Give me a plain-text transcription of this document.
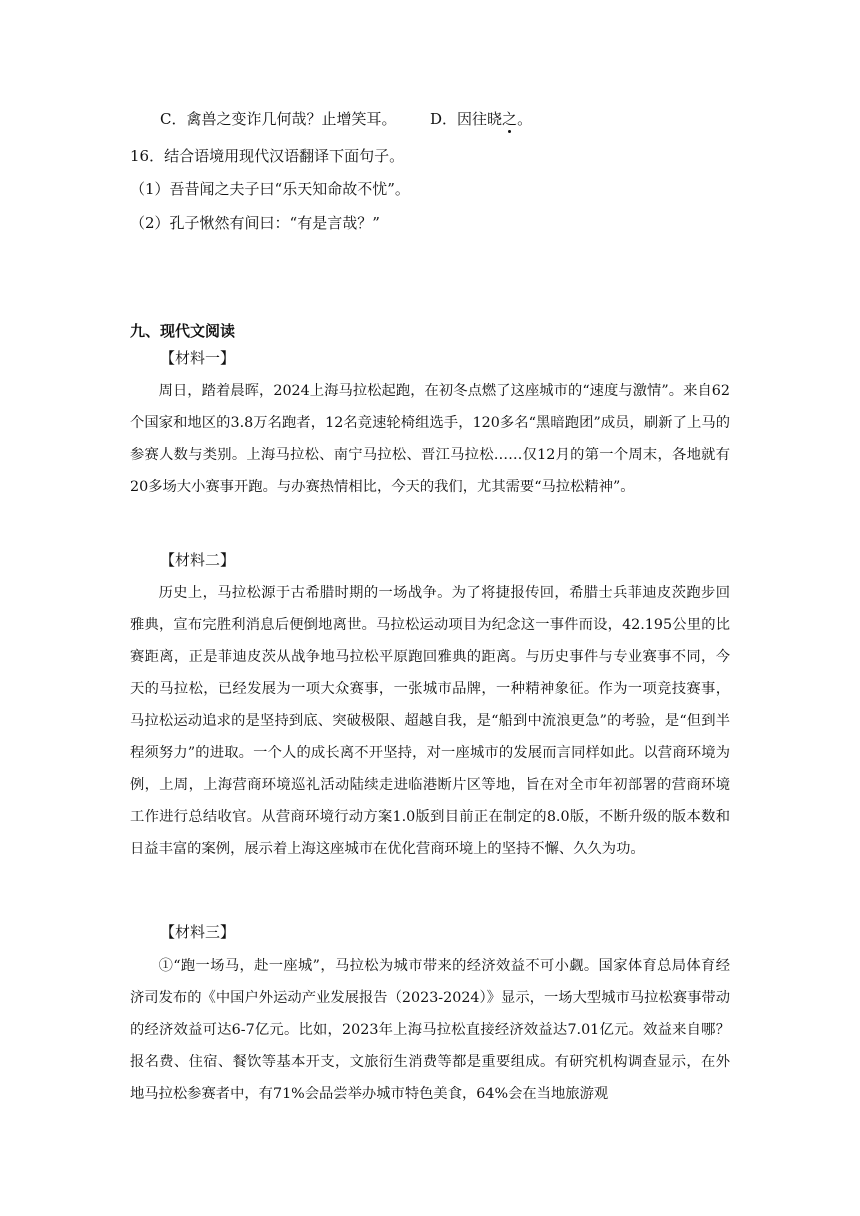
C．禽兽之变诈几何哉？止增笑耳。 D．因往晓之。
16．结合语境用现代汉语翻译下面句子。
（1）吾昔闻之夫子曰“乐天知命故不忧”。
（2）孔子愀然有间曰：“有是言哉？”
九、现代文阅读
【材料一】

周日，踏着晨晖，2024上海马拉松起跑，在初冬点燃了这座城市的“速度与激情”。来自62个国家和地区的3.8万名跑者，12名竞速轮椅组选手，120多名“黑暗跑团”成员，刷新了上马的参赛人数与类别。上海马拉松、南宁马拉松、晋江马拉松……仅12月的第一个周末，各地就有20多场大小赛事开跑。与办赛热情相比，今天的我们，尤其需要“马拉松精神”。

【材料二】

历史上，马拉松源于古希腊时期的一场战争。为了将捷报传回，希腊士兵菲迪皮茨跑步回雅典，宣布完胜利消息后便倒地离世。马拉松运动项目为纪念这一事件而设，42.195公里的比赛距离，正是菲迪皮茨从战争地马拉松平原跑回雅典的距离。与历史事件与专业赛事不同，今天的马拉松，已经发展为一项大众赛事，一张城市品牌，一种精神象征。作为一项竞技赛事，马拉松运动追求的是坚持到底、突破极限、超越自我，是“船到中流浪更急”的考验，是“但到半程须努力”的进取。一个人的成长离不开坚持，对一座城市的发展而言同样如此。以营商环境为例，上周，上海营商环境巡礼活动陆续走进临港断片区等地，旨在对全市年初部署的营商环境工作进行总结收官。从营商环境行动方案1.0版到目前正在制定的8.0版，不断升级的版本数和日益丰富的案例，展示着上海这座城市在优化营商环境上的坚持不懈、久久为功。

【材料三】

①“跑一场马，赴一座城”，马拉松为城市带来的经济效益不可小觑。国家体育总局体育经济司发布的《中国户外运动产业发展报告（2023-2024）》显示，一场大型城市马拉松赛事带动的经济效益可达6-7亿元。比如，2023年上海马拉松直接经济效益达7.01亿元。效益来自哪？报名费、住宿、餐饮等基本开支，文旅衍生消费等都是重要组成。有研究机构调查显示，在外地马拉松参赛者中，有71%会品尝举办城市特色美食，64%会在当地旅游观
